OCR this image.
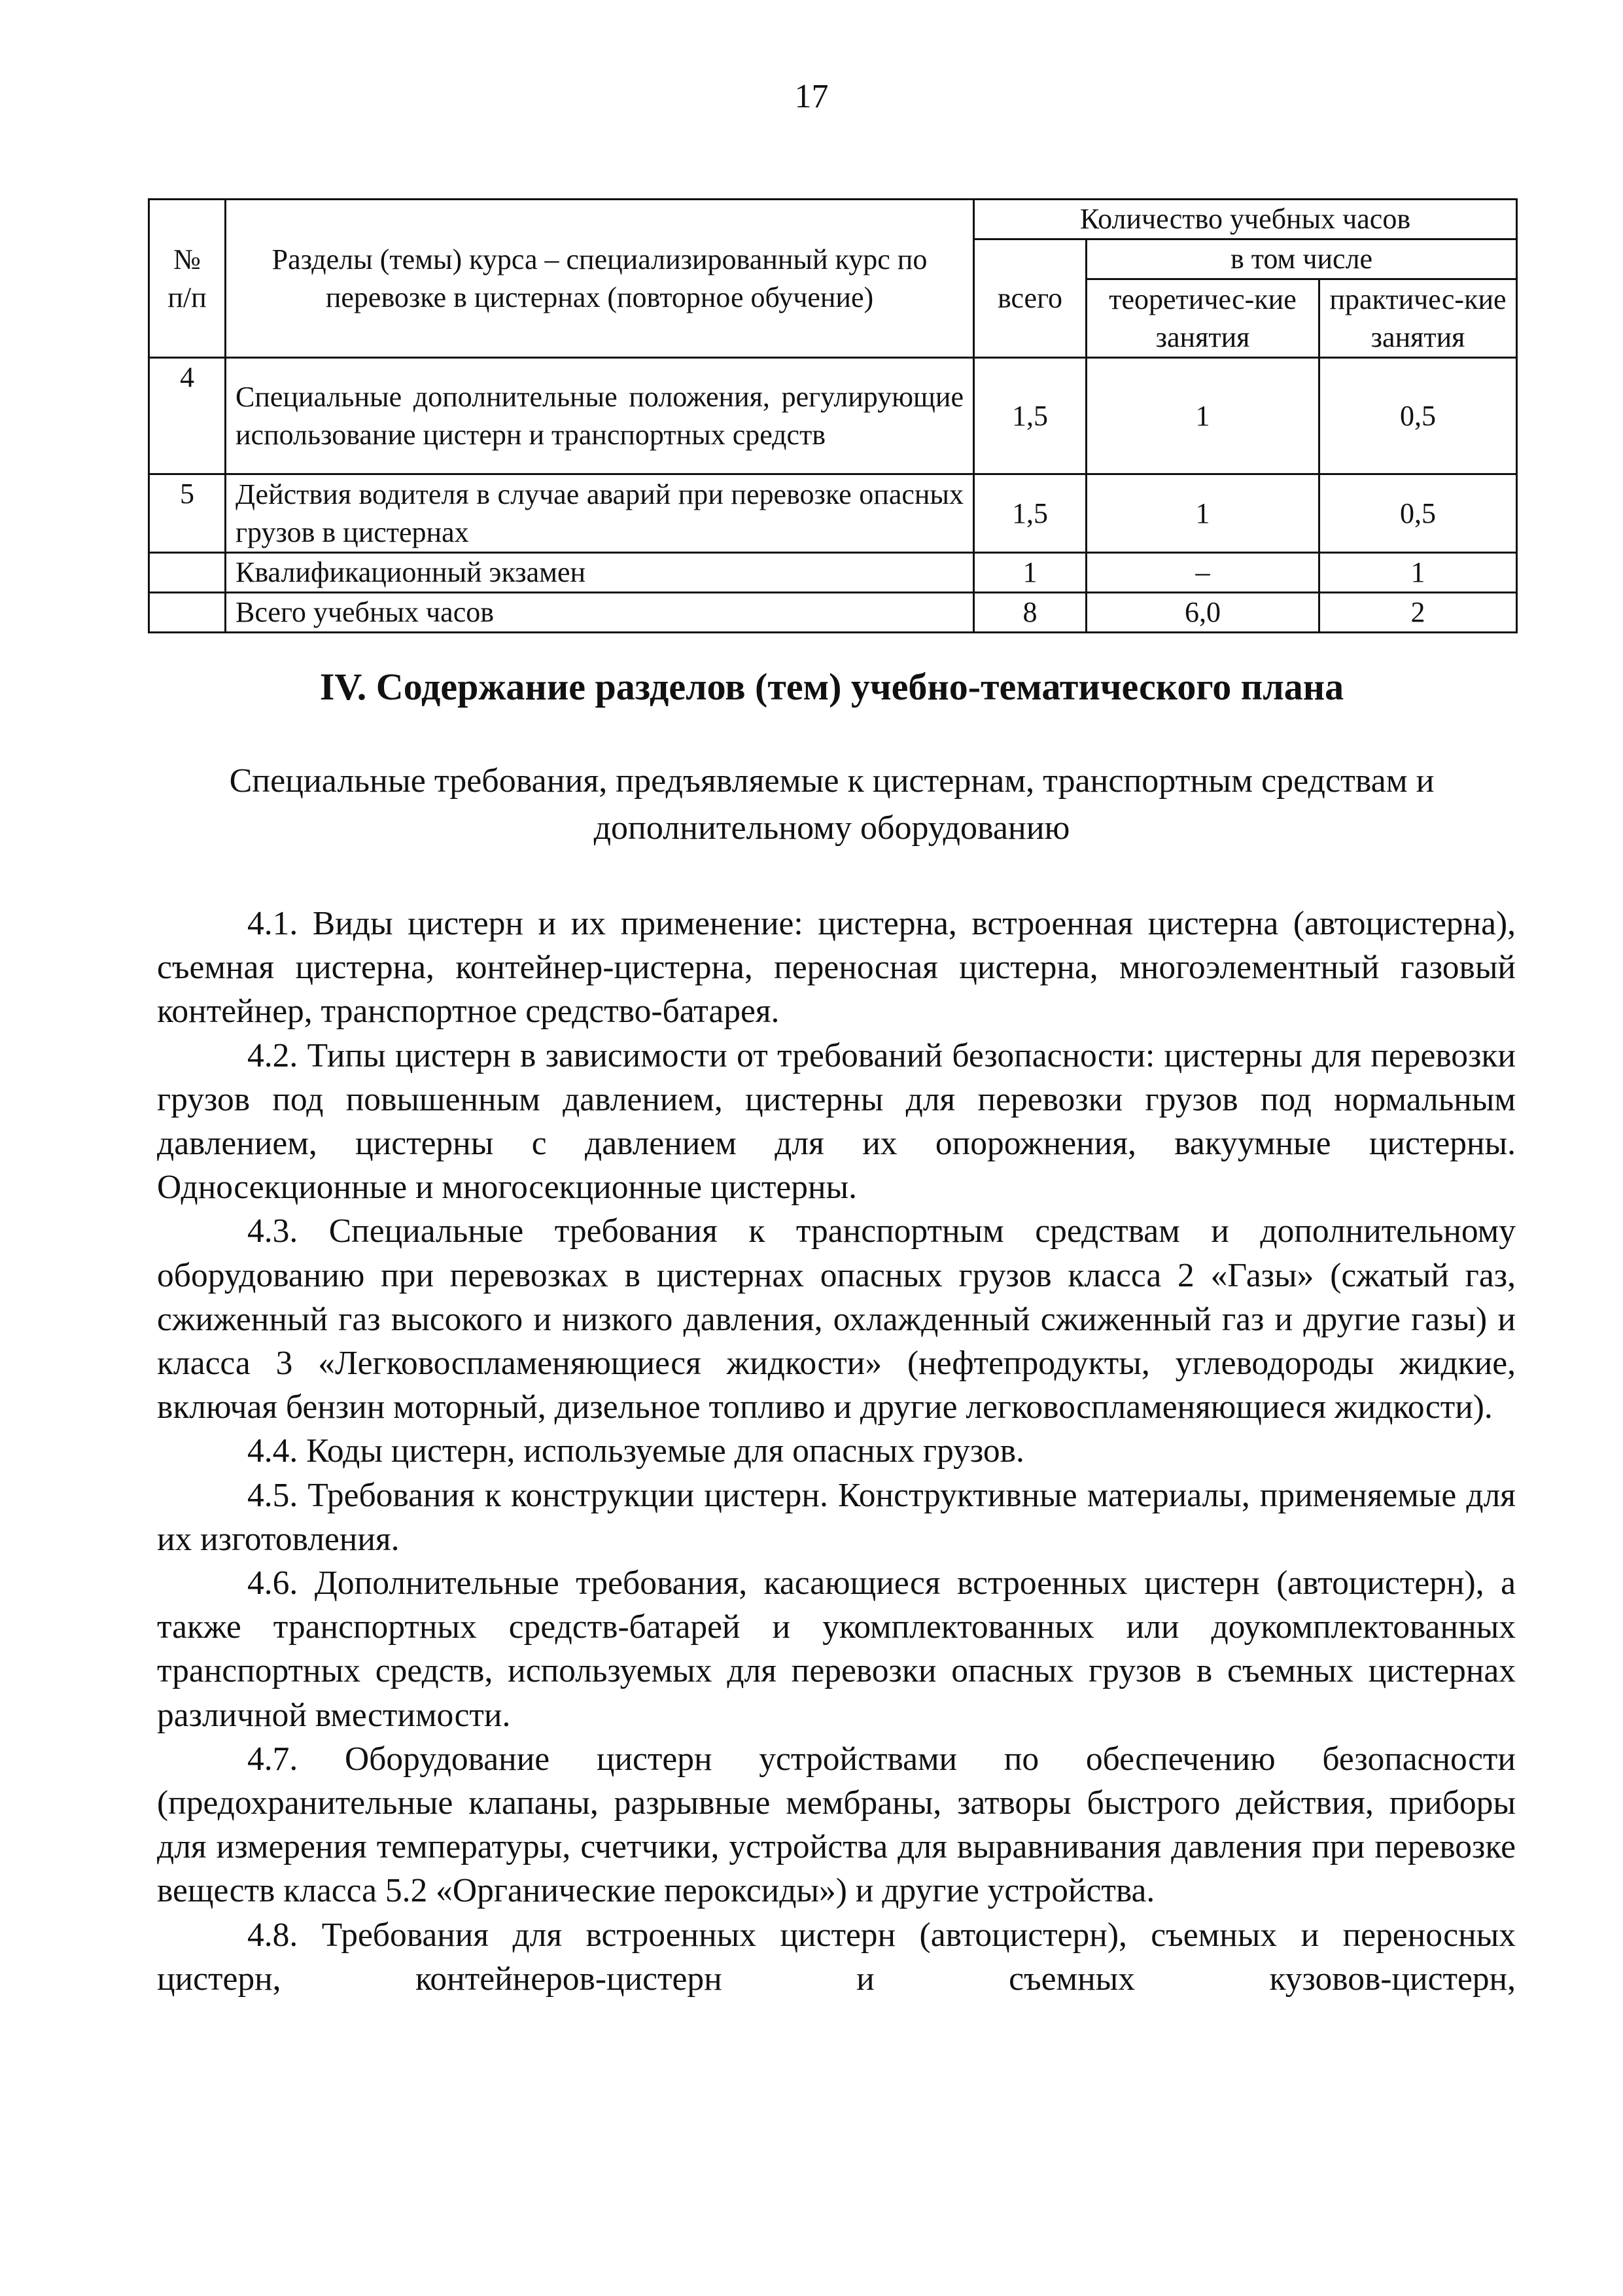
17
№ п/п	Разделы (темы) курса – специализированный курс по перевозке в цистернах (повторное обучение)	Количество учебных часов		
		всего	в том числе	
			теоретичес-кие занятия	практичес-кие занятия
4	Специальные дополнительные положения, регулирующие использование цистерн и транспортных средств	1,5	1	0,5
5	Действия водителя в случае аварий при перевозке опасных грузов в цистернах	1,5	1	0,5
	Квалификационный экзамен	1	–	1
	Всего учебных часов	8	6,0	2
IV. Содержание разделов (тем) учебно-тематического плана
Специальные требования, предъявляемые к цистернам, транспортным средствам и дополнительному оборудованию

4.1. Виды цистерн и их применение: цистерна, встроенная цистерна (автоцистерна), съемная цистерна, контейнер-цистерна, переносная цистерна, многоэлементный газовый контейнер, транспортное средство-батарея.

4.2. Типы цистерн в зависимости от требований безопасности: цистерны для перевозки грузов под повышенным давлением, цистерны для перевозки грузов под нормальным давлением, цистерны с давлением для их опорожнения, вакуумные цистерны. Односекционные и многосекционные цистерны.

4.3. Специальные требования к транспортным средствам и дополнительному оборудованию при перевозках в цистернах опасных грузов класса 2 «Газы» (сжатый газ, сжиженный газ высокого и низкого давления, охлажденный сжиженный газ и другие газы) и класса 3 «Легковоспламеняющиеся жидкости» (нефтепродукты, углеводороды жидкие, включая бензин моторный, дизельное топливо и другие легковоспламеняющиеся жидкости).

4.4. Коды цистерн, используемые для опасных грузов.

4.5. Требования к конструкции цистерн. Конструктивные материалы, применяемые для их изготовления.

4.6. Дополнительные требования, касающиеся встроенных цистерн (автоцистерн), а также транспортных средств-батарей и укомплектованных или доукомплектованных транспортных средств, используемых для перевозки опасных грузов в съемных цистернах различной вместимости.

4.7. Оборудование цистерн устройствами по обеспечению безопасности (предохранительные клапаны, разрывные мембраны, затворы быстрого действия, приборы для измерения температуры, счетчики, устройства для выравнивания давления при перевозке веществ класса 5.2 «Органические пероксиды») и другие устройства.

4.8. Требования для встроенных цистерн (автоцистерн), съемных и переносных цистерн, контейнеров-цистерн и съемных кузовов-цистерн,
